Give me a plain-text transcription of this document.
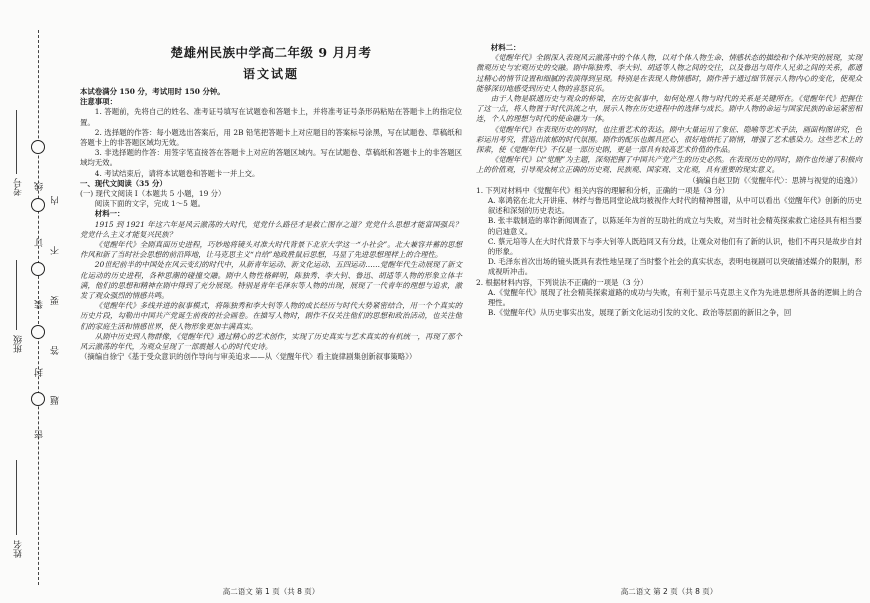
考号
班级
姓名
线
订
装
封
密
内
不
要
答
题
楚雄州民族中学高二年级 9 月月考
语文试题

本试卷满分 150 分，考试用时 150 分钟。

注意事项：

1. 答题前，先将自己的姓名、准考证号填写在试题卷和答题卡上，并将准考证号条形码粘贴在答题卡上的指定位置。

2. 选择题的作答：每小题选出答案后，用 2B 铅笔把答题卡上对应题目的答案标号涂黑，写在试题卷、草稿纸和答题卡上的非答题区域均无效。

3. 非选择题的作答：用签字笔直接答在答题卡上对应的答题区域内。写在试题卷、草稿纸和答题卡上的非答题区域均无效。

4. 考试结束后，请将本试题卷和答题卡一并上交。

一、现代文阅读（35 分）

(一) 现代文阅读 I（本题共 5 小题，19 分）

阅读下面的文字，完成 1～5 题。

材料一：

1915 到 1921 年这六年是风云激荡的大时代，觉党什么路径才是救亡图存之道？党党什么思想才能富国强兵？党党什么主义才能复兴民族？

《觉醒年代》全剧真面历史进程，巧妙地将镜头对准大时代背景下北京大学这一“小社会”。北大兼容并蓄的思想作风和新了当时社会思想的前沿阵地，让马克思主义“自给”地政胜鼠后思想，马显了先进思想理样上的合理性。

20世纪前半的中国处在风云变幻的时代中，从新青年运动、新文化运动、五四运动……觉醒年代生动展现了新文化运动的历史进程，各种思潮的碰撞交融。剧中人物性格鲜明，陈独秀、李大钊、鲁迅、胡适等人物的形象立体丰满，他们的思想和精神在剧中得到了充分展现。特别是青年毛泽东等人物的出现，展现了一代青年的理想与追求，激发了观众强烈的情感共鸣。

《觉醒年代》多线并进的叙事模式，将陈独秀和李大钊等人物的成长经历与时代大势紧密结合，用一个个真实的历史片段，勾勒出中国共产党诞生前夜的社会画卷。在描写人物时，剧作不仅关注他们的思想和政治活动，也关注他们的家庭生活和情感世界，使人物形象更加丰满真实。

从剧中历史到人物群像，《觉醒年代》通过精心的艺术创作，实现了历史真实与艺术真实的有机统一，再现了那个风云激荡的年代，为观众呈现了一部震撼人心的时代史诗。

（摘编自徐宁《基于受众意识的创作导向与审美追求——从〈觉醒年代〉看主旋律剧集创新叙事策略》）

高二语文 第 1 页（共 8 页）

材料二：

《觉醒年代》全剧深入表现风云激荡中的个体人物，以对个体人物生命、情感状态的描绘和个体冲突的展现，实现微观历史与宏观历史的交融。剧中陈独秀、李大钊、胡适等人物之间的交往，以及鲁迅与周作人兄弟之间的关系，都通过精心的情节设置和细腻的表演得到呈现。特别是在表现人物情感时，剧作善于通过细节展示人物内心的变化，使观众能够深切地感受到历史人物的喜怒哀乐。

由于人物是联通历史与观众的桥梁，在历史叙事中，如何处理人物与时代的关系是关键所在。《觉醒年代》把握住了这一点，将人物置于时代洪流之中，展示人物在历史进程中的选择与成长。剧中人物的命运与国家民族的命运紧密相连，个人的理想与时代的使命融为一体。

《觉醒年代》在表现历史的同时，也注重艺术的表达。剧中大量运用了象征、隐喻等艺术手法，画面构图讲究，色彩运用考究，营造出浓郁的时代氛围。剧作的配乐也颇具匠心，很好地烘托了剧情，增强了艺术感染力。这些艺术上的探索，使《觉醒年代》不仅是一部历史剧，更是一部具有较高艺术价值的作品。

《觉醒年代》以“觉醒”为主题，深刻把握了中国共产党产生的历史必然。在表现历史的同时，剧作也传递了积极向上的价值观，引导观众树立正确的历史观、民族观、国家观、文化观，具有重要的现实意义。

（摘编自赵卫防《〈觉醒年代〉：思辨与视觉的追逸》）

1. 下列对材料中《觉醒年代》相关内容的理解和分析，正确的一项是（3 分）

A. 辜鸿铭在北大开讲座、林纾与鲁迅同堂论战均被视作大时代的精神图谱，从中可以看出《觉醒年代》创新的历史叙述和深刻的历史表达。

B. 张丰载制造的辜诈新闻调查了，以陈延年为首的互助社的成立与失败，对当时社会精英探索救亡途径具有相当要的启迪意义。

C. 蔡元培等人在大时代背景下与李大钊等人既趋同又有分歧，让观众对他们有了新的认识，他们不再只是故步自封的形象。

D. 毛泽东首次出场的镜头既具有表性地呈现了当时整个社会的真实状态，表明电视剧可以突破描述媒介的限制，形成视听冲击。

2. 根据材料内容，下列说法不正确的一项是（3 分）

A.《觉醒年代》展现了社会精英探索道路的成功与失败，有利于显示马克思主义作为先进思想所具备的逻辑上的合理性。

B.《觉醒年代》从历史事实出发，展现了新文化运动引发的文化、政治等层面的新旧之争，回

高二语文 第 2 页（共 8 页）
